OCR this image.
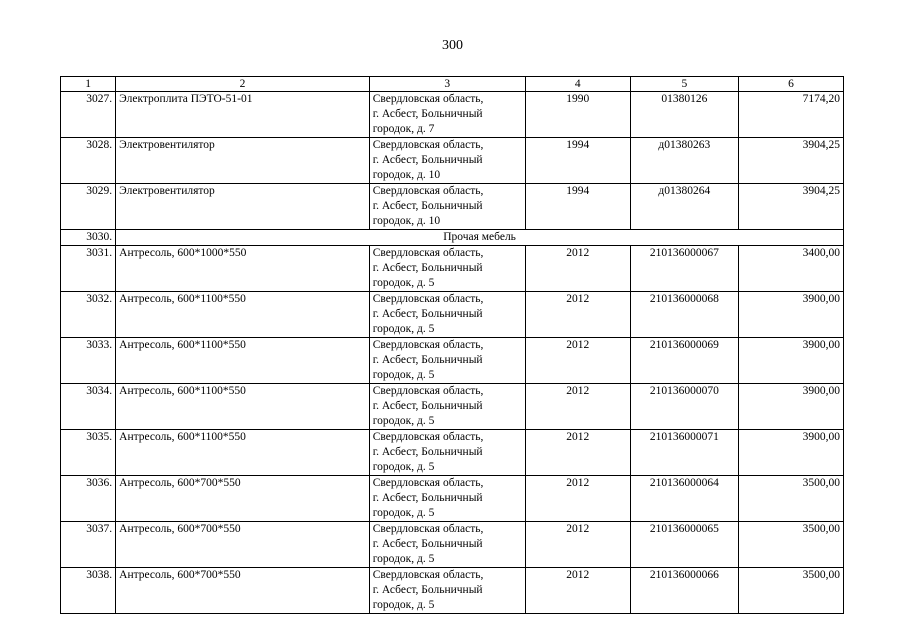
300
1	2	3	4	5	6
3027.	Электроплита ПЭТО-51-01	Свердловская область,
г. Асбест, Больничный
городок, д. 7	1990	01380126	7174,20
3028.	Электровентилятор	Свердловская область,
г. Асбест, Больничный
городок, д. 10	1994	д01380263	3904,25
3029.	Электровентилятор	Свердловская область,
г. Асбест, Больничный
городок, д. 10	1994	д01380264	3904,25
3030.	Прочая мебель				
3031.	Антресоль, 600*1000*550	Свердловская область,
г. Асбест, Больничный
городок, д. 5	2012	210136000067	3400,00
3032.	Антресоль, 600*1100*550	Свердловская область,
г. Асбест, Больничный
городок, д. 5	2012	210136000068	3900,00
3033.	Антресоль, 600*1100*550	Свердловская область,
г. Асбест, Больничный
городок, д. 5	2012	210136000069	3900,00
3034.	Антресоль, 600*1100*550	Свердловская область,
г. Асбест, Больничный
городок, д. 5	2012	210136000070	3900,00
3035.	Антресоль, 600*1100*550	Свердловская область,
г. Асбест, Больничный
городок, д. 5	2012	210136000071	3900,00
3036.	Антресоль, 600*700*550	Свердловская область,
г. Асбест, Больничный
городок, д. 5	2012	210136000064	3500,00
3037.	Антресоль, 600*700*550	Свердловская область,
г. Асбест, Больничный
городок, д. 5	2012	210136000065	3500,00
3038.	Антресоль, 600*700*550	Свердловская область,
г. Асбест, Больничный
городок, д. 5	2012	210136000066	3500,00
